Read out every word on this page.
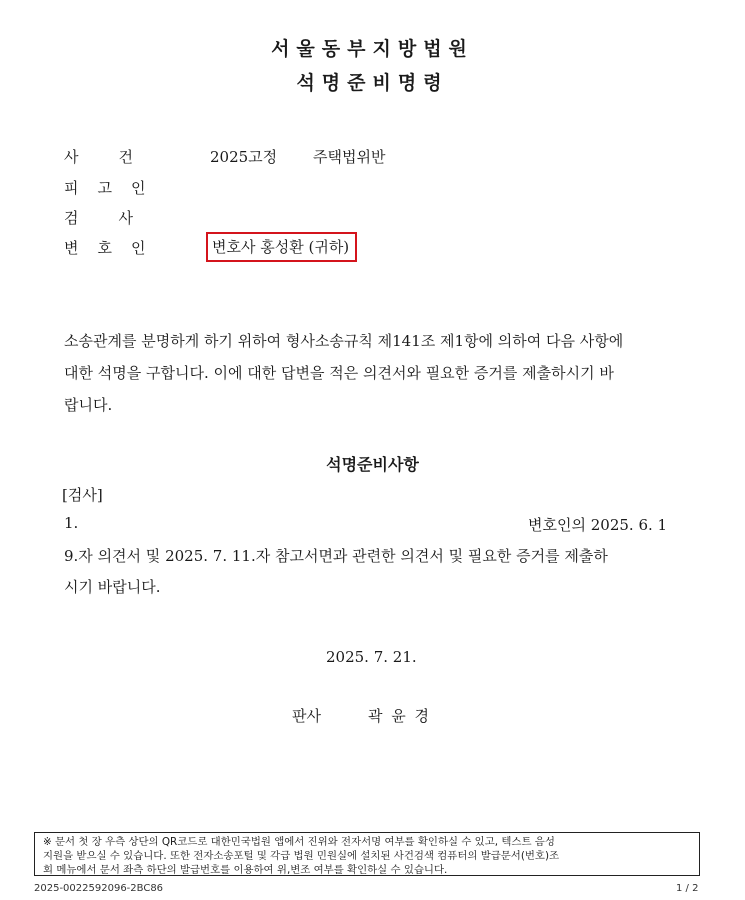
서울동부지방법원
석명준비명령
사건 2025고정 주택법위반
피고인
검사
변호인	변호사 홍성환 (귀하)
소송관계를 분명하게 하기 위하여 형사소송규칙 제141조 제1항에 의하여 다음 사항에
대한 석명을 구합니다. 이에 대한 답변을 적은 의견서와 필요한 증거를 제출하시기 바
랍니다.
석명준비사항
[검사]
1.	변호인의 2025. 6. 1
9.자 의견서 및 2025. 7. 11.자 참고서면과 관련한 의견서 및 필요한 증거를 제출하
시기 바랍니다.
2025. 7. 21.
판사	곽 윤 경
※ 문서 첫 장 우측 상단의 QR코드로 대한민국법원 앱에서 진위와 전자서명 여부를 확인하실 수 있고, 텍스트 음성
지원을 받으실 수 있습니다. 또한 전자소송포털 및 각급 법원 민원실에 설치된 사건검색 컴퓨터의 발급문서(번호)조
회 메뉴에서 문서 좌측 하단의 발급번호를 이용하여 위,변조 여부를 확인하실 수 있습니다.
2025-0022592096-2BC86	1 / 2
